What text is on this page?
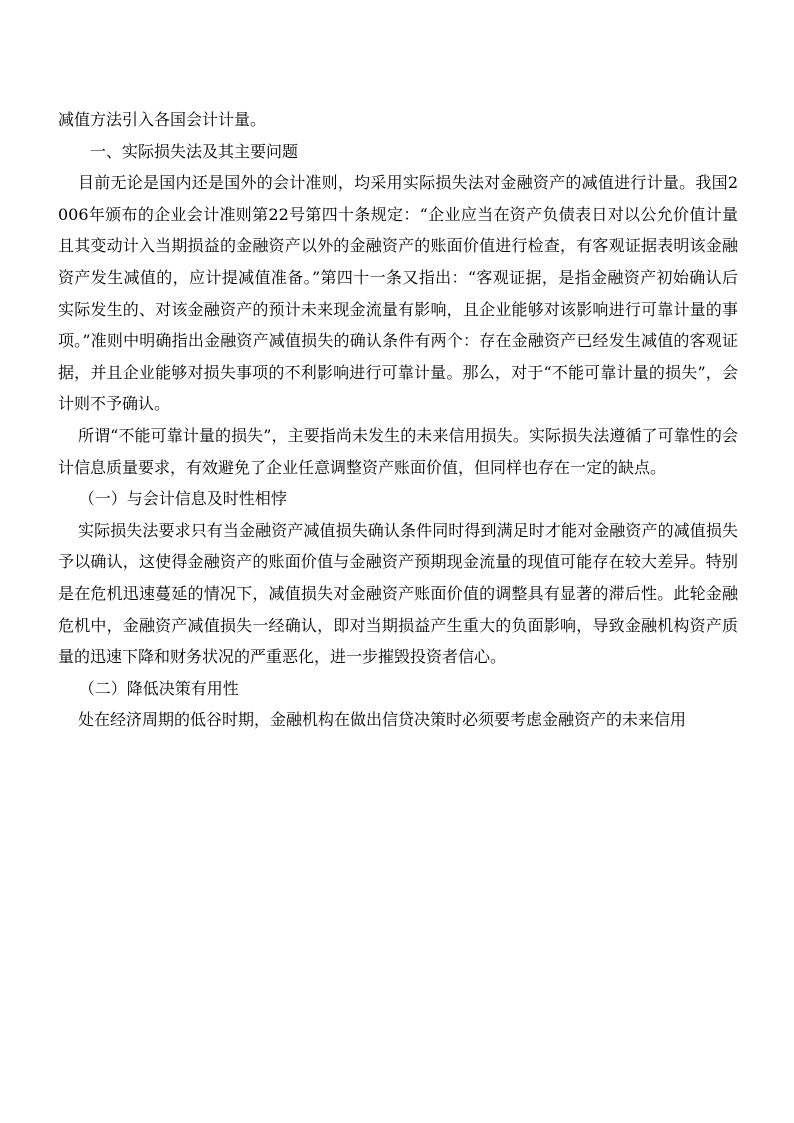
减值方法引入各国会计计量。

一、实际损失法及其主要问题

目前无论是国内还是国外的会计准则，均采用实际损失法对金融资产的减值进行计量。我国2006年颁布的企业会计准则第22号第四十条规定：“企业应当在资产负债表日对以公允价值计量且其变动计入当期损益的金融资产以外的金融资产的账面价值进行检查，有客观证据表明该金融资产发生减值的，应计提减值准备。”第四十一条又指出：“客观证据，是指金融资产初始确认后实际发生的、对该金融资产的预计未来现金流量有影响，且企业能够对该影响进行可靠计量的事项。”准则中明确指出金融资产减值损失的确认条件有两个：存在金融资产已经发生减值的客观证据，并且企业能够对损失事项的不利影响进行可靠计量。那么，对于“不能可靠计量的损失”，会计则不予确认。

所谓“不能可靠计量的损失”，主要指尚未发生的未来信用损失。实际损失法遵循了可靠性的会计信息质量要求，有效避免了企业任意调整资产账面价值，但同样也存在一定的缺点。

（一）与会计信息及时性相悖

实际损失法要求只有当金融资产减值损失确认条件同时得到满足时才能对金融资产的减值损失予以确认，这使得金融资产的账面价值与金融资产预期现金流量的现值可能存在较大差异。特别是在危机迅速蔓延的情况下，减值损失对金融资产账面价值的调整具有显著的滞后性。此轮金融危机中，金融资产减值损失一经确认，即对当期损益产生重大的负面影响，导致金融机构资产质量的迅速下降和财务状况的严重恶化，进一步摧毁投资者信心。

（二）降低决策有用性

处在经济周期的低谷时期，金融机构在做出信贷决策时必须要考虑金融资产的未来信用
